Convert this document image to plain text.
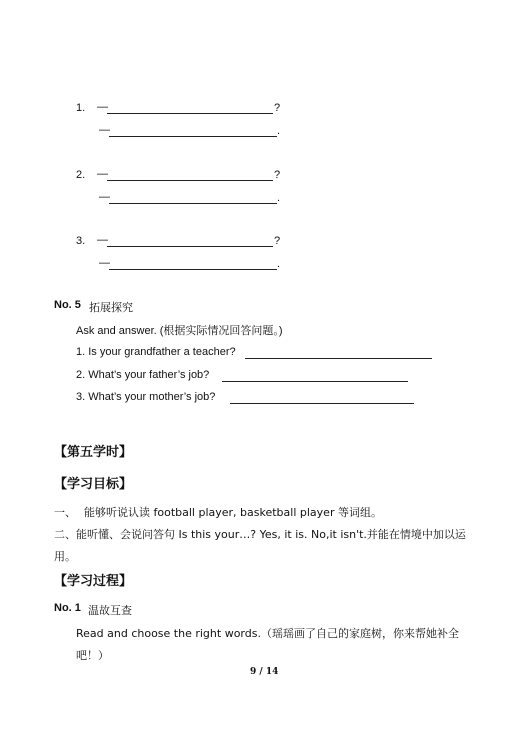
1. —	?
—	.
2. —	?
—	.
3. —	?
—	.
No. 5 拓展探究
Ask and answer. (根据实际情况回答问题。)
1. Is your grandfather a teacher?
2. What’s your father’s job?
3. What’s your mother’s job?
【第五学时】
【学习目标】
一、 能够听说认读 football player, basketball player 等词组。
二、能听懂、会说问答句 Is this your…? Yes, it is. No,it isn't.并能在情境中加以运
用。
【学习过程】
No. 1 温故互查
Read and choose the right words.（瑶瑶画了自己的家庭树，你来帮她补全
吧！）
9 / 14
